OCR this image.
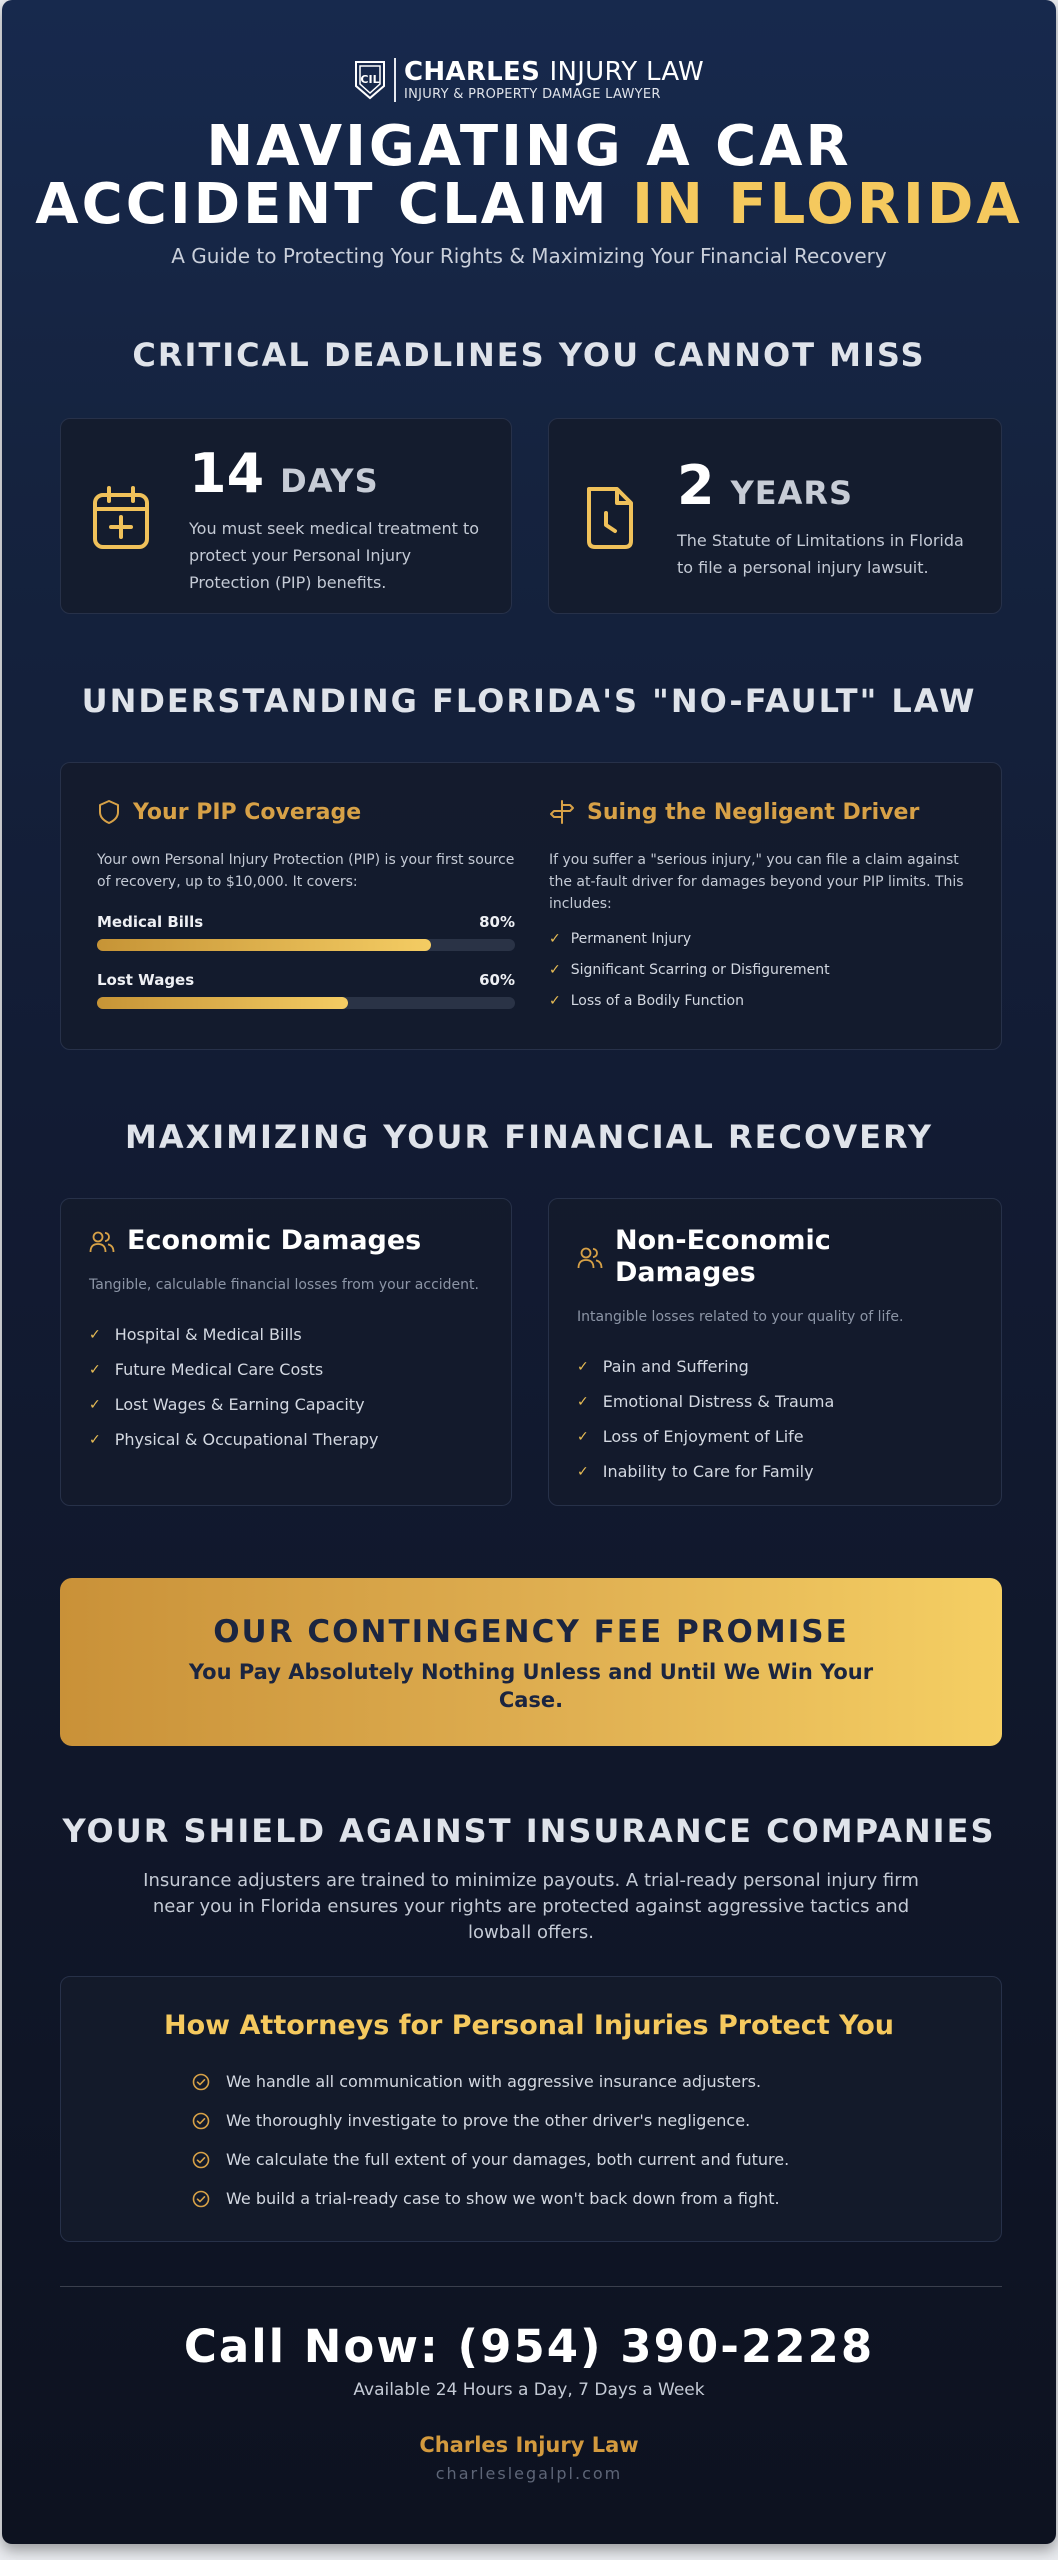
CIL CHARLES INJURY LAW
INJURY & PROPERTY DAMAGE LAWYER
NAVIGATING A CAR
ACCIDENT CLAIM IN FLORIDA
A Guide to Protecting Your Rights & Maximizing Your Financial Recovery
CRITICAL DEADLINES YOU CANNOT MISS
14 DAYS
You must seek medical treatment to protect your Personal Injury Protection (PIP) benefits.
2 YEARS
The Statute of Limitations in Florida to file a personal injury lawsuit.
UNDERSTANDING FLORIDA'S "NO-FAULT" LAW
Your PIP Coverage
Your own Personal Injury Protection (PIP) is your first source of recovery, up to $10,000. It covers:
Medical Bills	80%
Lost Wages	60%
Suing the Negligent Driver
If you suffer a "serious injury," you can file a claim against the at-fault driver for damages beyond your PIP limits. This includes:
✓ Permanent Injury
✓ Significant Scarring or Disfigurement
✓ Loss of a Bodily Function
MAXIMIZING YOUR FINANCIAL RECOVERY
Economic Damages
Tangible, calculable financial losses from your accident.
✓ Hospital & Medical Bills
✓ Future Medical Care Costs
✓ Lost Wages & Earning Capacity
✓ Physical & Occupational Therapy
Non-Economic
Damages
Intangible losses related to your quality of life.
✓ Pain and Suffering
✓ Emotional Distress & Trauma
✓ Loss of Enjoyment of Life
✓ Inability to Care for Family
OUR CONTINGENCY FEE PROMISE
You Pay Absolutely Nothing Unless and Until We Win Your Case.
YOUR SHIELD AGAINST INSURANCE COMPANIES
Insurance adjusters are trained to minimize payouts. A trial-ready personal injury firm near you in Florida ensures your rights are protected against aggressive tactics and lowball offers.
How Attorneys for Personal Injuries Protect You
We handle all communication with aggressive insurance adjusters.
We thoroughly investigate to prove the other driver's negligence.
We calculate the full extent of your damages, both current and future.
We build a trial-ready case to show we won't back down from a fight.
Call Now: (954) 390-2228
Available 24 Hours a Day, 7 Days a Week
Charles Injury Law
charleslegalpl.com
